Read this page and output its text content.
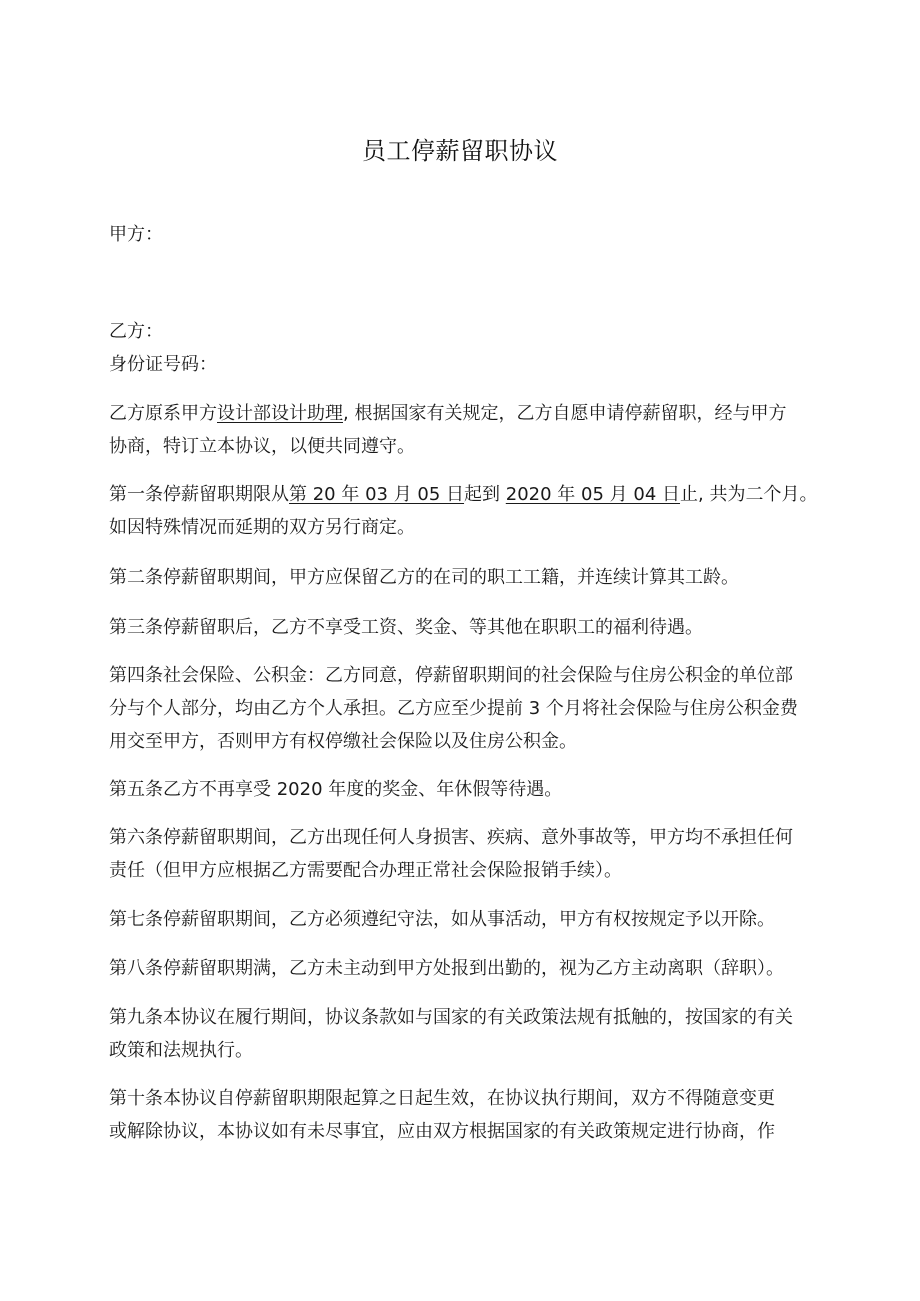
员工停薪留职协议
甲方：
乙方：
身份证号码：
乙方原系甲方设计部设计助理, 根据国家有关规定，乙方自愿申请停薪留职，经与甲方
协商，特订立本协议，以便共同遵守。
第一条停薪留职期限从第 20 年 03 月 05 日起到 2020 年 05 月 04 日止, 共为二个月。
如因特殊情况而延期的双方另行商定。
第二条停薪留职期间，甲方应保留乙方的在司的职工工籍，并连续计算其工龄。
第三条停薪留职后，乙方不享受工资、奖金、等其他在职职工的福利待遇。
第四条社会保险、公积金：乙方同意，停薪留职期间的社会保险与住房公积金的单位部
分与个人部分，均由乙方个人承担。乙方应至少提前 3 个月将社会保险与住房公积金费
用交至甲方，否则甲方有权停缴社会保险以及住房公积金。
第五条乙方不再享受 2020 年度的奖金、年休假等待遇。
第六条停薪留职期间，乙方出现任何人身损害、疾病、意外事故等，甲方均不承担任何
责任（但甲方应根据乙方需要配合办理正常社会保险报销手续）。
第七条停薪留职期间，乙方必须遵纪守法，如从事活动，甲方有权按规定予以开除。
第八条停薪留职期满，乙方未主动到甲方处报到出勤的，视为乙方主动离职（辞职）。
第九条本协议在履行期间，协议条款如与国家的有关政策法规有抵触的，按国家的有关
政策和法规执行。
第十条本协议自停薪留职期限起算之日起生效，在协议执行期间，双方不得随意变更
或解除协议，本协议如有未尽事宜，应由双方根据国家的有关政策规定进行协商，作
